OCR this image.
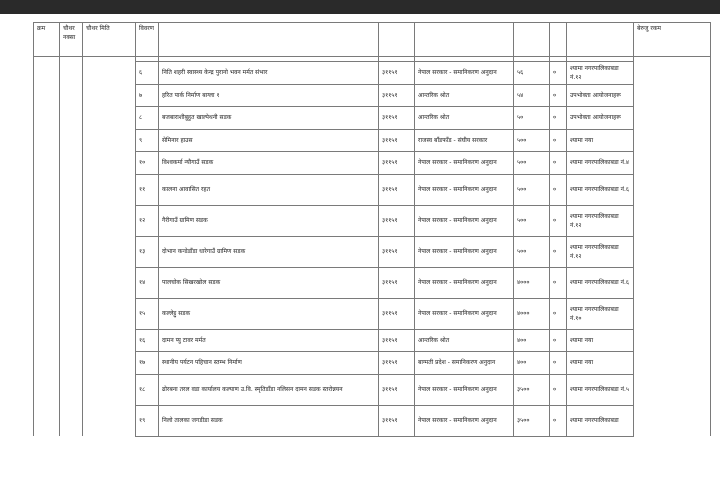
क्रम	चौथर नक्सा	चौथर मिति	विवरण							बेरुजु रकम

			६	निति शहरी स्वास्थ्य केन्द्र पुरानो भवन मर्मत संभार	३११५१	नेपाल सरकार - समानिकरण अनुदान	५६	०	श्यामा नगरपालिकाबडा नं.१२	
			७	हरित पार्क निर्माण बाग्ला १	३११५१	आन्तरिक श्रोत	५४	०	उपभोक्ता आयोजनाहरू	
			८	बजबाराशीबुहुत खाल्पेथनी सडक	३११५१	आन्तरिक श्रोत	५०	०	उपभोक्ता आयोजनाहरू	
			९	सेमिनार हाउस	३११५१	राजस्व बाँडफाँड - संघीय सरकार	५००	०	श्यामा नया	
			१०	विश्वकर्मा न्यौगाउँ सडक	३११५१	नेपाल सरकार - समानिकरण अनुदान	५००	०	श्यामा नगरपालिकाबडा नं.४	
			११	कालना आवासित रहत	३११५१	नेपाल सरकार - समानिकरण अनुदान	५००	०	श्यामा नगरपालिकाबडा नं.६	
			१२	गैरीगाउँ ग्रामिण सडक	३११५१	नेपाल सरकार - समानिकरण अनुदान	५००	०	श्यामा नगरपालिकाबडा नं.१२	
			१३	दोभान कन्डेडाँडा धारेगाउँ ग्रामिण सडक	३११५१	नेपाल सरकार - समानिकरण अनुदान	५००	०	श्यामा नगरपालिकाबडा नं.१२	
			१४	पालचोक सिखरखोल सडक	३११५१	नेपाल सरकार - समानिकरण अनुदान	४०००	०	श्यामा नगरपालिकाबडा नं.६	
			१५	कल्लेट्टु सडक	३११५१	नेपाल सरकार - समानिकरण अनुदान	४०००	०	श्यामा नगरपालिकाबडा नं.१०	
			१६	दामन प्यु टावर मर्मत	३११५१	आन्तरिक श्रोत	४००	०	श्यामा नया	
			१७	स्थानीय पर्यटन पहिचान स्तम्भ निर्माण	३११५१	बाग्मती प्रदेश - समानिकरण अनुदान	४००	०	श्यामा नया	
			१८	ढोरबना तरल वडा कार्यालय कल्याण उ.वि. स्मृतिडाँडा नलिसन दामन सडक स्तरोन्नयन	३११५१	नेपाल सरकार - समानिकरण अनुदान	३५००	०	श्यामा नगरपालिकाबडा नं.५	
			१९	निलो तालका जगडीडा सडक	३११५१	नेपाल सरकार - समानिकरण अनुदान	३५००	०	श्यामा नगरपालिकाबडा	
